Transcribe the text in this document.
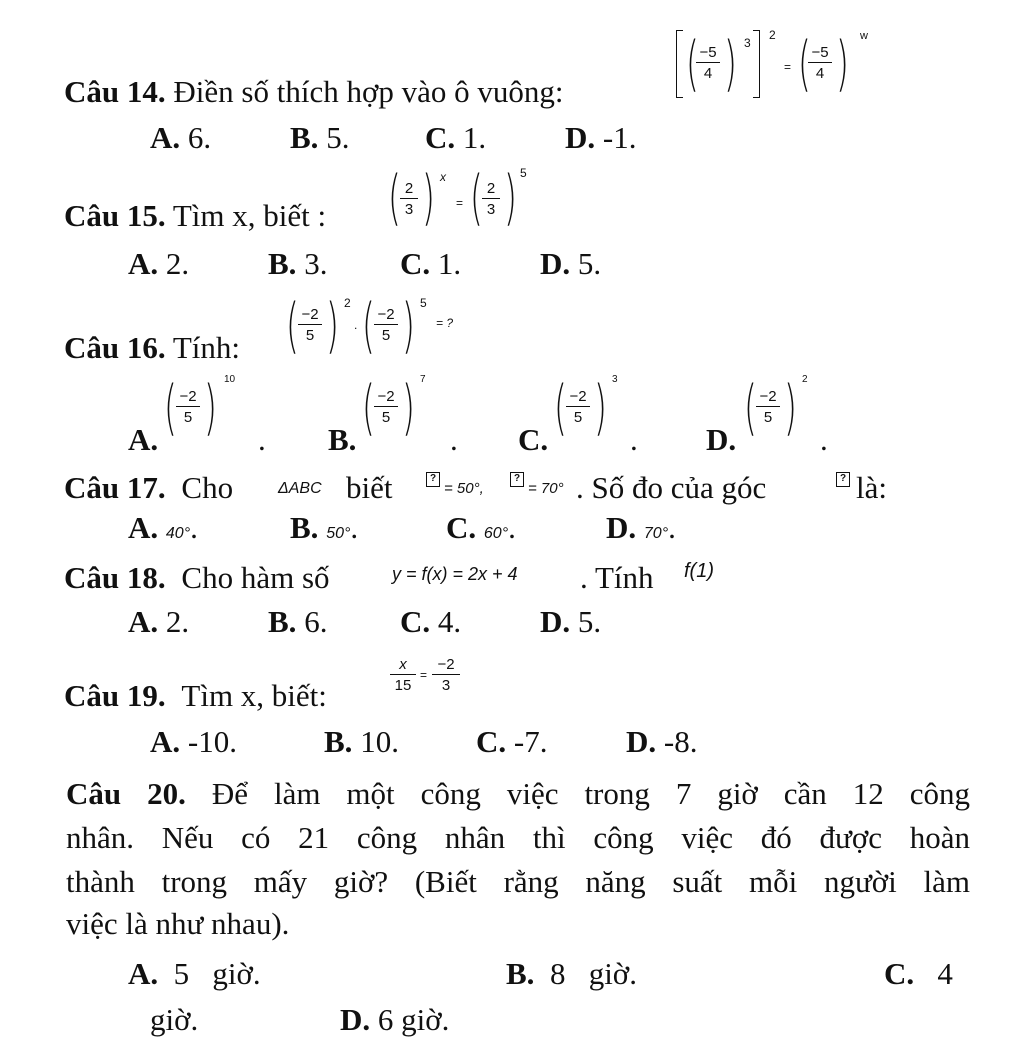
Câu 14. Điền số thích hợp vào ô vuông: (
$\frac{-5}{4}$ ) 3
2
= (
$\frac{-5}{4}$ ) w
A. 6.	B. 5. C. 1.	D. -1.
Câu 15. Tìm x, biết : ( $\frac{2}{3}$ ) x
= ( $\frac{2}{3}$ ) 5
A. 2.	B. 3. C. 1.	D. 5.
Câu 16. Tính: ( $\frac{-2}{5}$ ) 2
. ( $\frac{-2}{5}$ ) 5
= ?
A. ( $\frac{-2}{5}$ ) 10
. B. ( $\frac{-2}{5}$ ) 7
. C. ( $\frac{-2}{5}$ ) 3
. D. ( $\frac{-2}{5}$ ) 2
.
Câu 17. Cho	ΔABC biết	?
= 50°,
?
= 70° . Số đo của góc	? là:
A. 40°.	B. 50°.	C. 60°.	D. 70°.
Câu 18. Cho hàm số	y = f(x) = 2x + 4 . Tính f(1)
A. 2.	B. 6. C. 4.	D. 5.
Câu 19. Tìm x, biết:
$\frac{x}{15} = \frac{-2}{3}$
A. -10.	B. 10. C. -7.	D. -8.
Câu 20. Để làm một công việc trong 7 giờ cần 12 công
nhân. Nếu có 21 công nhân thì công việc đó được hoàn
thành trong mấy giờ? (Biết rằng năng suất mỗi người làm
việc là như nhau).
A. 5   giờ.	B. 8   giờ.	C. 4
giờ.	D. 6 giờ.
